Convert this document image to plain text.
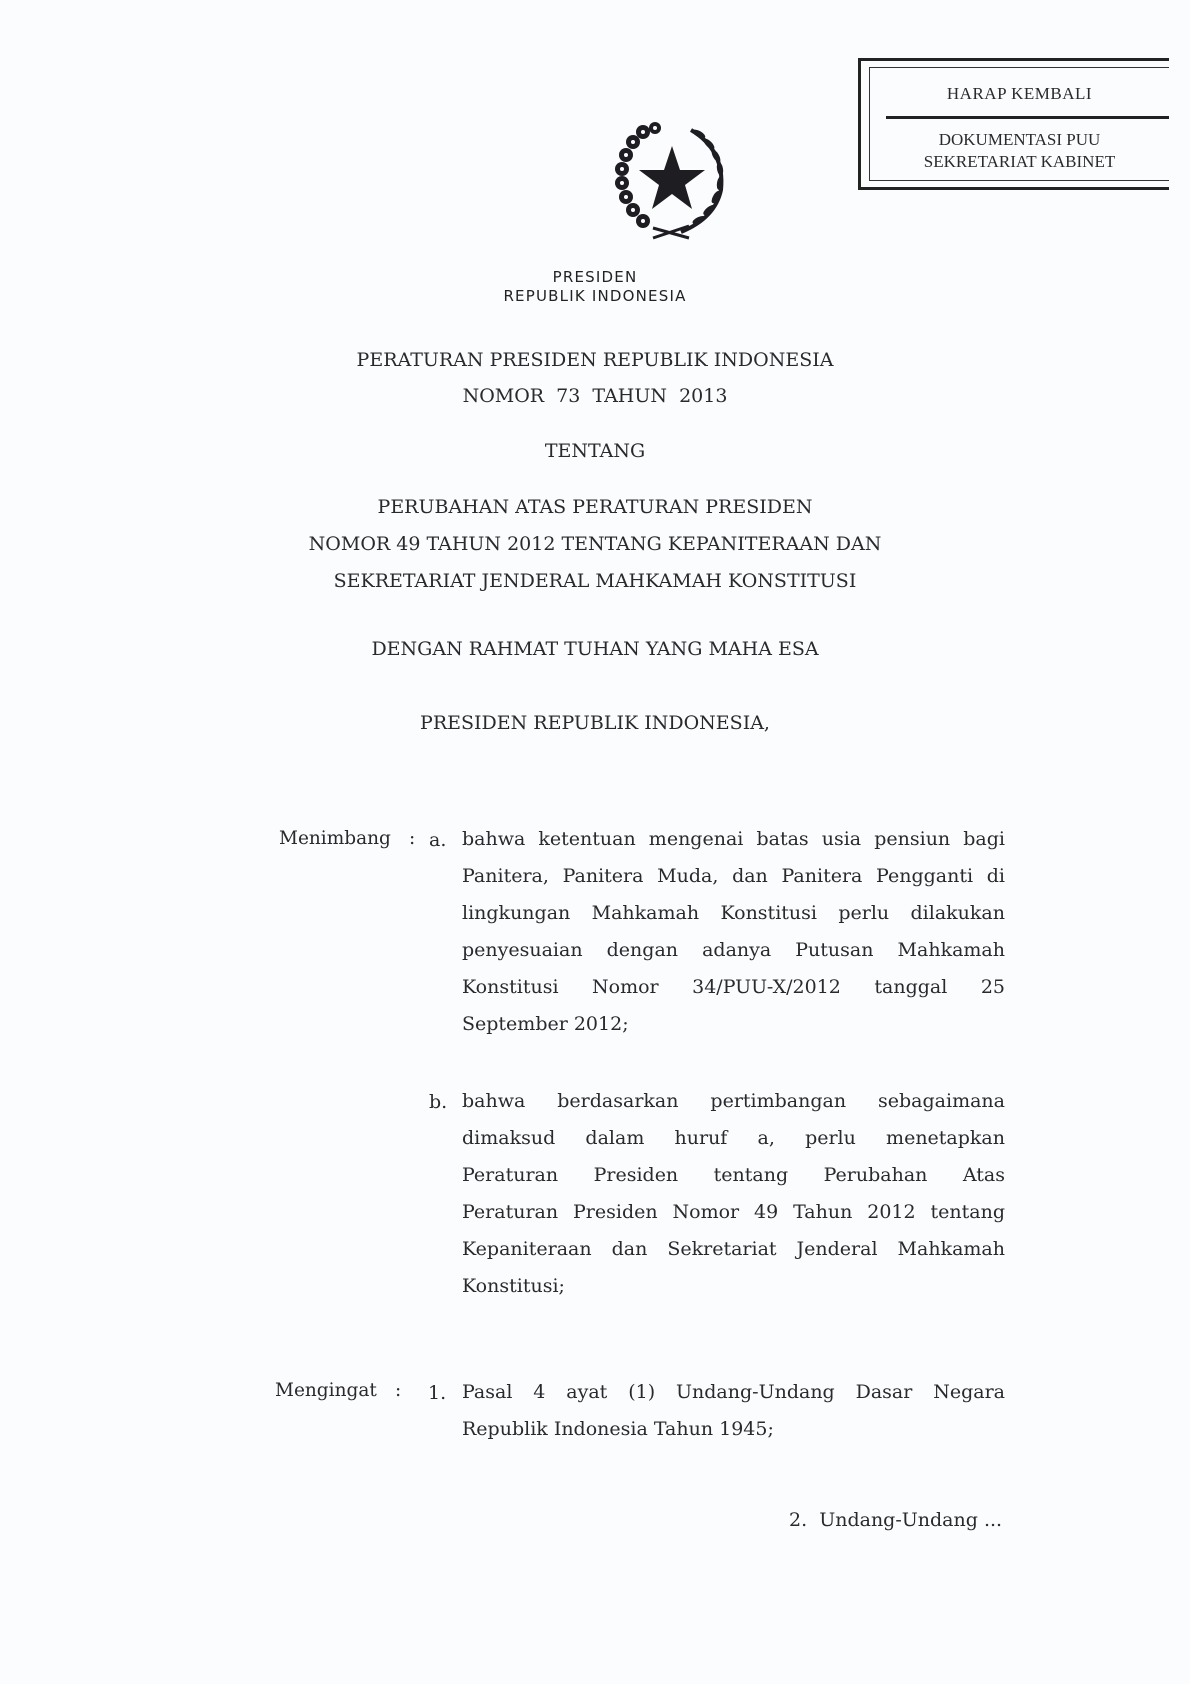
HARAP KEMBALI
DOKUMENTASI PUU
SEKRETARIAT KABINET
PRESIDEN
REPUBLIK INDONESIA
PERATURAN PRESIDEN REPUBLIK INDONESIA
NOMOR  73  TAHUN  2013
TENTANG
PERUBAHAN ATAS PERATURAN PRESIDEN
NOMOR 49 TAHUN 2012 TENTANG KEPANITERAAN DAN
SEKRETARIAT JENDERAL MAHKAMAH KONSTITUSI
DENGAN RAHMAT TUHAN YANG MAHA ESA
PRESIDEN REPUBLIK INDONESIA,
Menimbang : a. bahwa ketentuan mengenai batas usia pensiun bagi
Panitera, Panitera Muda, dan Panitera Pengganti di
lingkungan Mahkamah Konstitusi perlu dilakukan
penyesuaian dengan adanya Putusan Mahkamah
Konstitusi Nomor 34/PUU-X/2012 tanggal 25
September 2012;
b. bahwa berdasarkan pertimbangan sebagaimana
dimaksud dalam huruf a, perlu menetapkan
Peraturan Presiden tentang Perubahan Atas
Peraturan Presiden Nomor 49 Tahun 2012 tentang
Kepaniteraan dan Sekretariat Jenderal Mahkamah
Konstitusi;
Mengingat : 1. Pasal 4 ayat (1) Undang-Undang Dasar Negara
Republik Indonesia Tahun 1945;
2.  Undang-Undang ...
